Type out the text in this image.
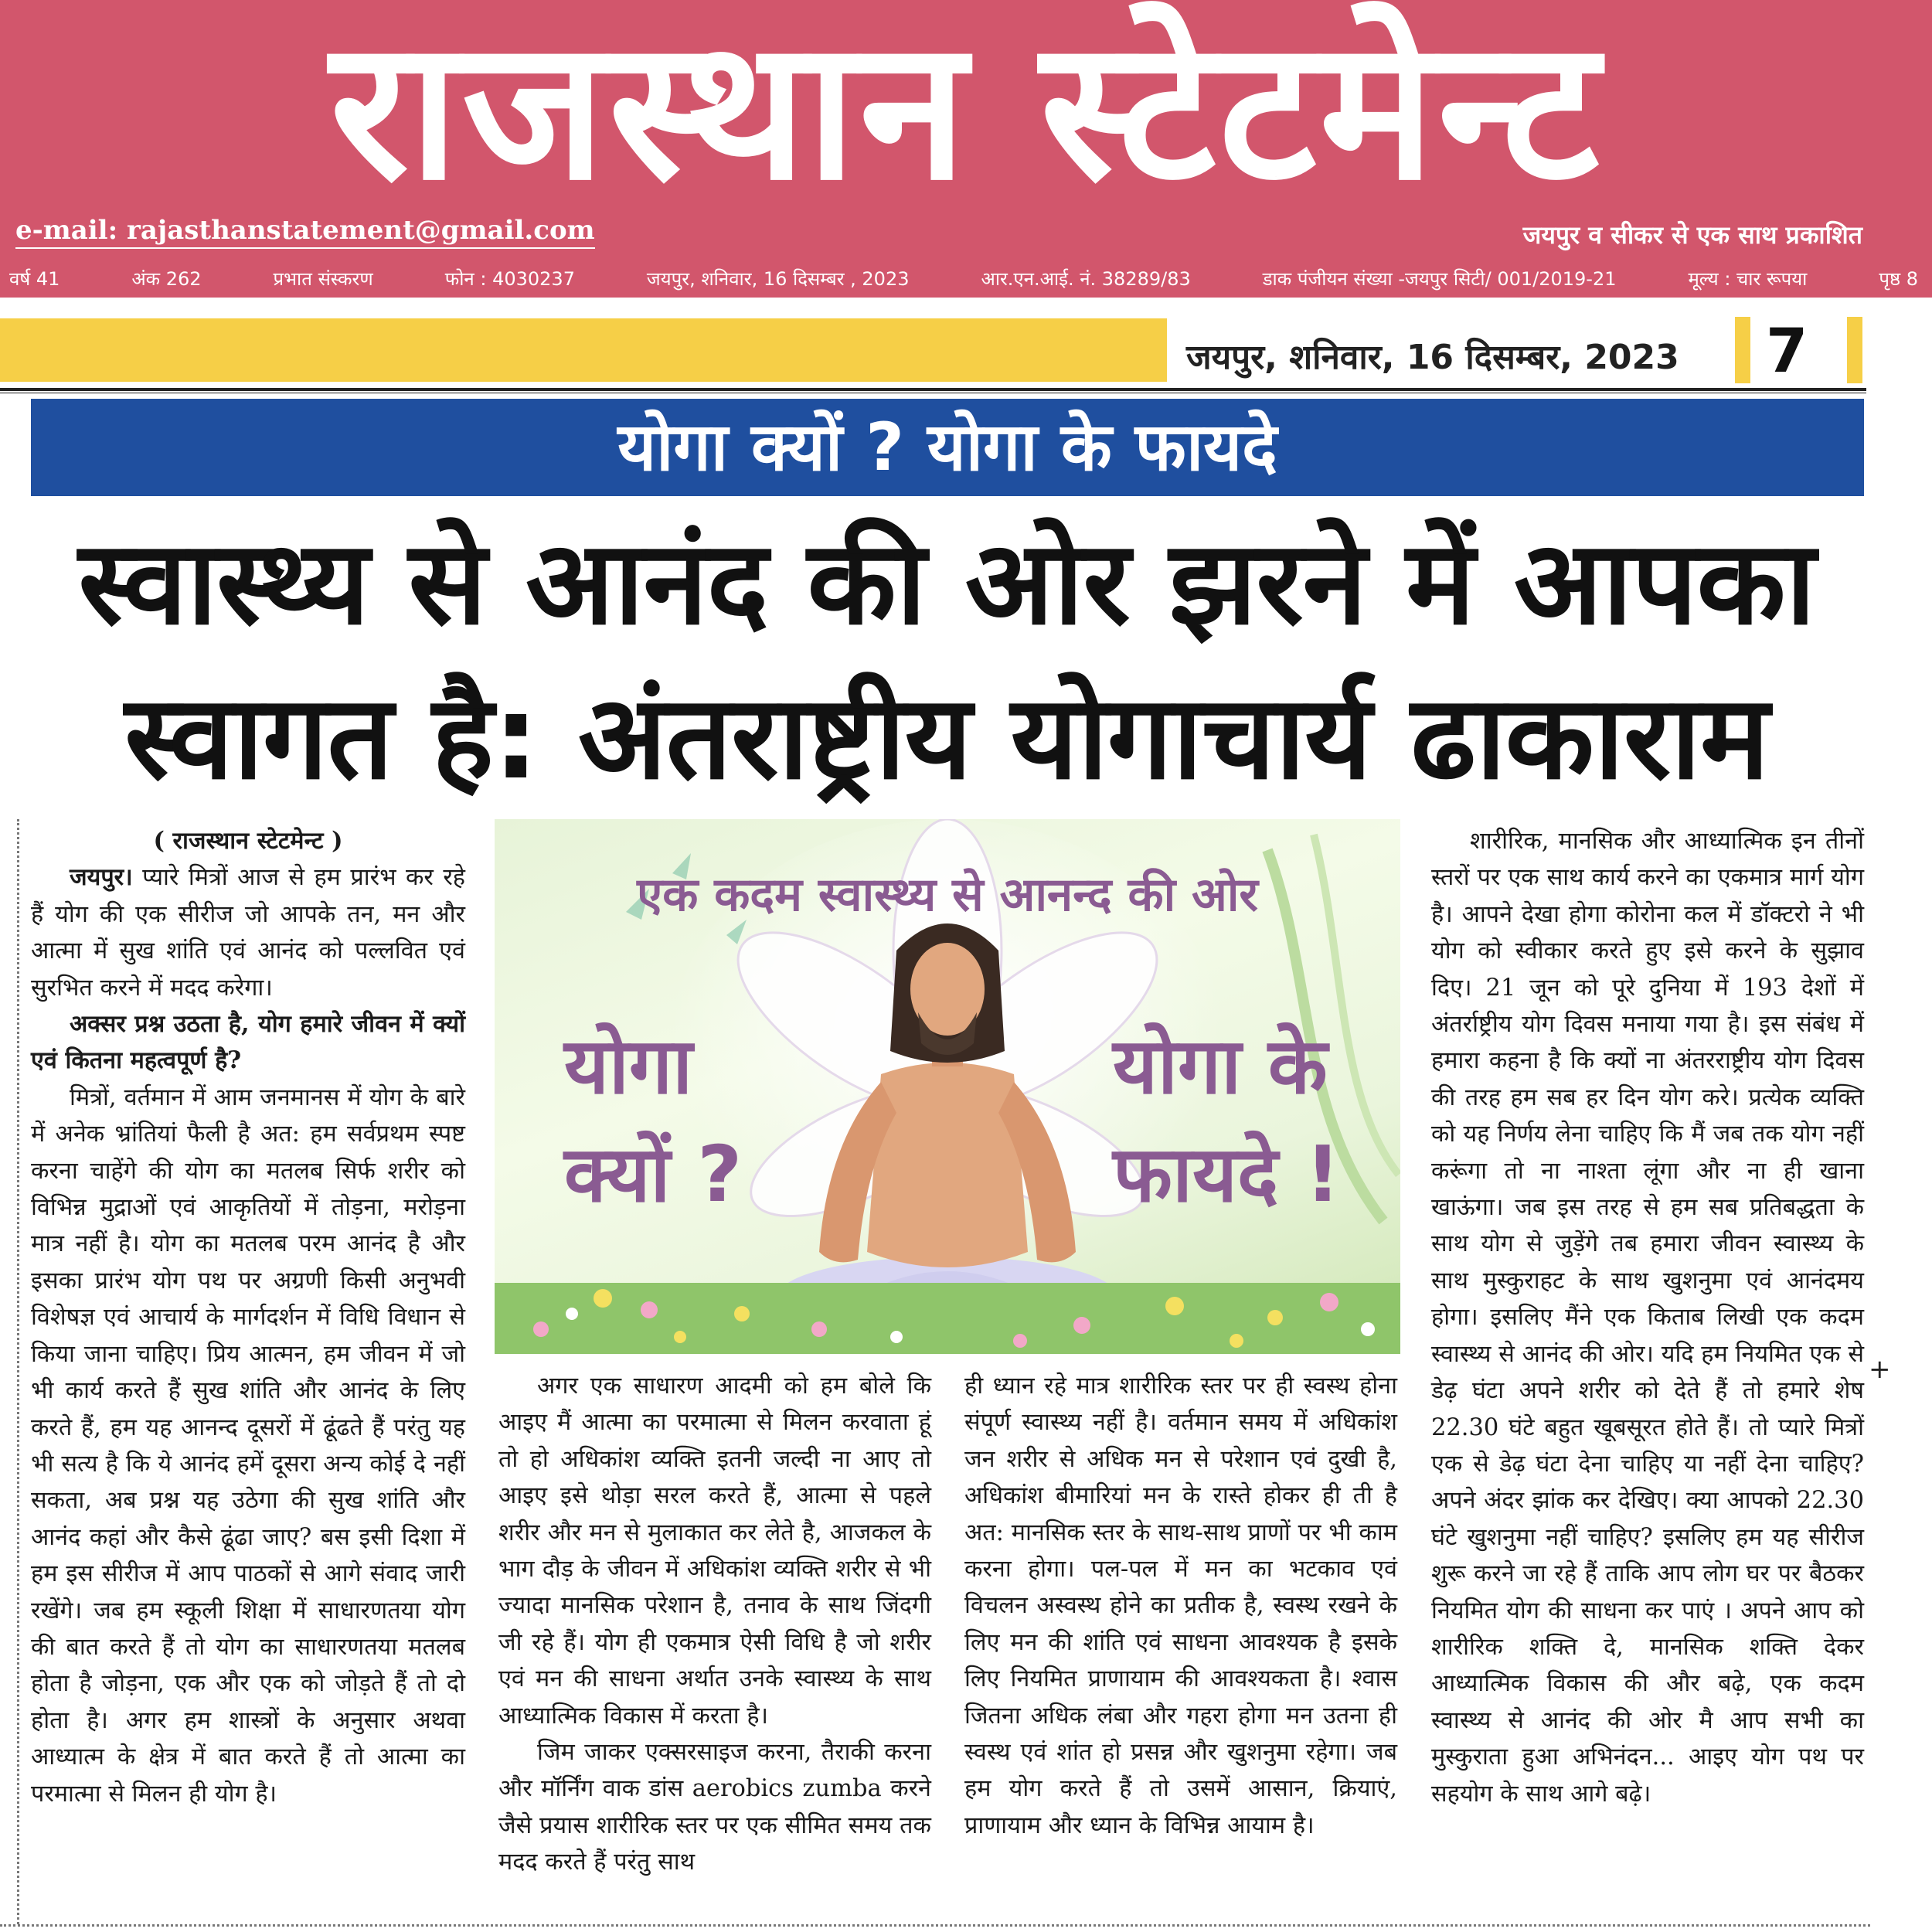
राजस्थान स्टेटमेन्ट
e-mail: rajasthanstatement@gmail.com	जयपुर व सीकर से एक साथ प्रकाशित
वर्ष 41	अंक 262	प्रभात संस्करण	फोन : 4030237	जयपुर, शनिवार, 16 दिसम्बर , 2023	आर.एन.आई. नं. 38289/83	डाक पंजीयन संख्या -जयपुर सिटी/ 001/2019-21	मूल्य : चार रूपया	पृष्ठ 8
जयपुर, शनिवार, 16 दिसम्बर, 2023 7
योगा क्यों ? योगा के फायदे
स्वास्थ्य से आनंद की ओर झरने में आपका
स्वागत है: अंतराष्ट्रीय योगाचार्य ढाकाराम

( राजस्थान स्टेटमेन्ट )

जयपुर। प्यारे मित्रों आज से हम प्रारंभ कर रहे हैं योग की एक सीरीज जो आपके तन, मन और आत्मा में सुख शांति एवं आनंद को पल्लवित एवं सुरभित करने में मदद करेगा।

अक्सर प्रश्न उठता है, योग हमारे जीवन में क्यों एवं कितना महत्वपूर्ण है?

मित्रों, वर्तमान में आम जनमानस में योग के बारे में अनेक भ्रांतियां फैली है अत: हम सर्वप्रथम स्पष्ट करना चाहेंगे की योग का मतलब सिर्फ शरीर को विभिन्न मुद्राओं एवं आकृतियों में तोड़ना, मरोड़ना मात्र नहीं है। योग का मतलब परम आनंद है और इसका प्रारंभ योग पथ पर अग्रणी किसी अनुभवी विशेषज्ञ एवं आचार्य के मार्गदर्शन में विधि विधान से किया जाना चाहिए। प्रिय आत्मन, हम जीवन में जो भी कार्य करते हैं सुख शांति और आनंद के लिए करते हैं, हम यह आनन्द दूसरों में ढूंढते हैं परंतु यह भी सत्य है कि ये आनंद हमें दूसरा अन्य कोई दे नहीं सकता, अब प्रश्न यह उठेगा की सुख शांति और आनंद कहां और कैसे ढूंढा जाए? बस इसी दिशा में हम इस सीरीज में आप पाठकों से आगे संवाद जारी रखेंगे। जब हम स्कूली शिक्षा में साधारणतया योग की बात करते हैं तो योग का साधारणतया मतलब होता है जोड़ना, एक और एक को जोड़ते हैं तो दो होता है। अगर हम शास्त्रों के अनुसार अथवा आध्यात्म के क्षेत्र में बात करते हैं तो आत्मा का परमात्मा से मिलन ही योग है।

एक कदम स्वास्थ्य से आनन्द की ओर
योगा
क्यों ?
योगा के
फायदे !

अगर एक साधारण आदमी को हम बोले कि आइए मैं आत्मा का परमात्मा से मिलन करवाता हूं तो हो अधिकांश व्यक्ति इतनी जल्दी ना आए तो आइए इसे थोड़ा सरल करते हैं, आत्मा से पहले शरीर और मन से मुलाकात कर लेते है, आजकल के भाग दौड़ के जीवन में अधिकांश व्यक्ति शरीर से भी ज्यादा मानसिक परेशान है, तनाव के साथ जिंदगी जी रहे हैं। योग ही एकमात्र ऐसी विधि है जो शरीर एवं मन की साधना अर्थात उनके स्वास्थ्य के साथ आध्यात्मिक विकास में करता है।

जिम जाकर एक्सरसाइज करना, तैराकी करना और मॉर्निंग वाक डांस aerobics zumba करने जैसे प्रयास शारीरिक स्तर पर एक सीमित समय तक मदद करते हैं परंतु साथ

ही ध्यान रहे मात्र शारीरिक स्तर पर ही स्वस्थ होना संपूर्ण स्वास्थ्य नहीं है। वर्तमान समय में अधिकांश जन शरीर से अधिक मन से परेशान एवं दुखी है, अधिकांश बीमारियां मन के रास्ते होकर ही ती है अत: मानसिक स्तर के साथ-साथ प्राणों पर भी काम करना होगा। पल-पल में मन का भटकाव एवं विचलन अस्वस्थ होने का प्रतीक है, स्वस्थ रखने के लिए मन की शांति एवं साधना आवश्यक है इसके लिए नियमित प्राणायाम की आवश्यकता है। श्वास जितना अधिक लंबा और गहरा होगा मन उतना ही स्वस्थ एवं शांत हो प्रसन्न और खुशनुमा रहेगा। जब हम योग करते हैं तो उसमें आसान, क्रियाएं, प्राणायाम और ध्यान के विभिन्न आयाम है।

शारीरिक, मानसिक और आध्यात्मिक इन तीनों स्तरों पर एक साथ कार्य करने का एकमात्र मार्ग योग है। आपने देखा होगा कोरोना कल में डॉक्टरो ने भी योग को स्वीकार करते हुए इसे करने के सुझाव दिए। 21 जून को पूरे दुनिया में 193 देशों में अंतर्राष्ट्रीय योग दिवस मनाया गया है। इस संबंध में हमारा कहना है कि क्यों ना अंतरराष्ट्रीय योग दिवस की तरह हम सब हर दिन योग करे। प्रत्येक व्यक्ति को यह निर्णय लेना चाहिए कि मैं जब तक योग नहीं करूंगा तो ना नाश्ता लूंगा और ना ही खाना खाऊंगा। जब इस तरह से हम सब प्रतिबद्धता के साथ योग से जुड़ेंगे तब हमारा जीवन स्वास्थ्य के साथ मुस्कुराहट के साथ खुशनुमा एवं आनंदमय होगा। इसलिए मैंने एक किताब लिखी एक कदम स्वास्थ्य से आनंद की ओर। यदि हम नियमित एक से डेढ़ घंटा अपने शरीर को देते हैं तो हमारे शेष 22.30 घंटे बहुत खूबसूरत होते हैं। तो प्यारे मित्रों एक से डेढ़ घंटा देना चाहिए या नहीं देना चाहिए? अपने अंदर झांक कर देखिए। क्या आपको 22.30 घंटे खुशनुमा नहीं चाहिए? इसलिए हम यह सीरीज शुरू करने जा रहे हैं ताकि आप लोग घर पर बैठकर नियमित योग की साधना कर पाएं । अपने आप को शारीरिक शक्ति दे, मानसिक शक्ति देकर आध्यात्मिक विकास की और बढ़े, एक कदम स्वास्थ्य से आनंद की ओर मै आप सभी का मुस्कुराता हुआ अभिनंदन... आइए योग पथ पर सहयोग के साथ आगे बढ़े।

+
